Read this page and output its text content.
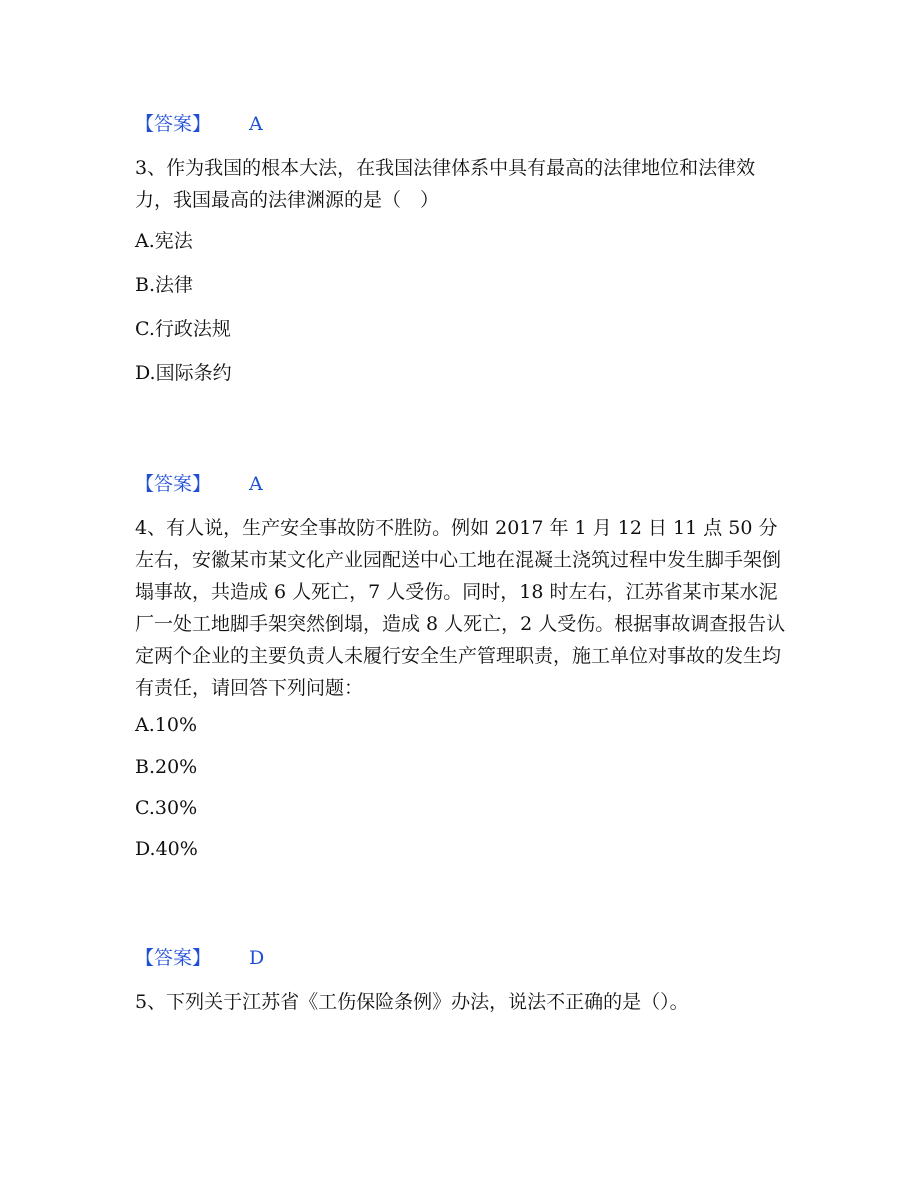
【答案】 A
3、作为我国的根本大法，在我国法律体系中具有最高的法律地位和法律效力，我国最高的法律渊源的是（　）
A.宪法
B.法律
C.行政法规
D.国际条约
【答案】 A
4、有人说，生产安全事故防不胜防。例如 2017 年 1 月 12 日 11 点 50 分左右，安徽某市某文化产业园配送中心工地在混凝土浇筑过程中发生脚手架倒塌事故，共造成 6 人死亡，7 人受伤。同时，18 时左右，江苏省某市某水泥厂一处工地脚手架突然倒塌，造成 8 人死亡，2 人受伤。根据事故调查报告认定两个企业的主要负责人未履行安全生产管理职责，施工单位对事故的发生均有责任，请回答下列问题：
A.10%
B.20%
C.30%
D.40%
【答案】 D
5、下列关于江苏省《工伤保险条例》办法，说法不正确的是（）。
